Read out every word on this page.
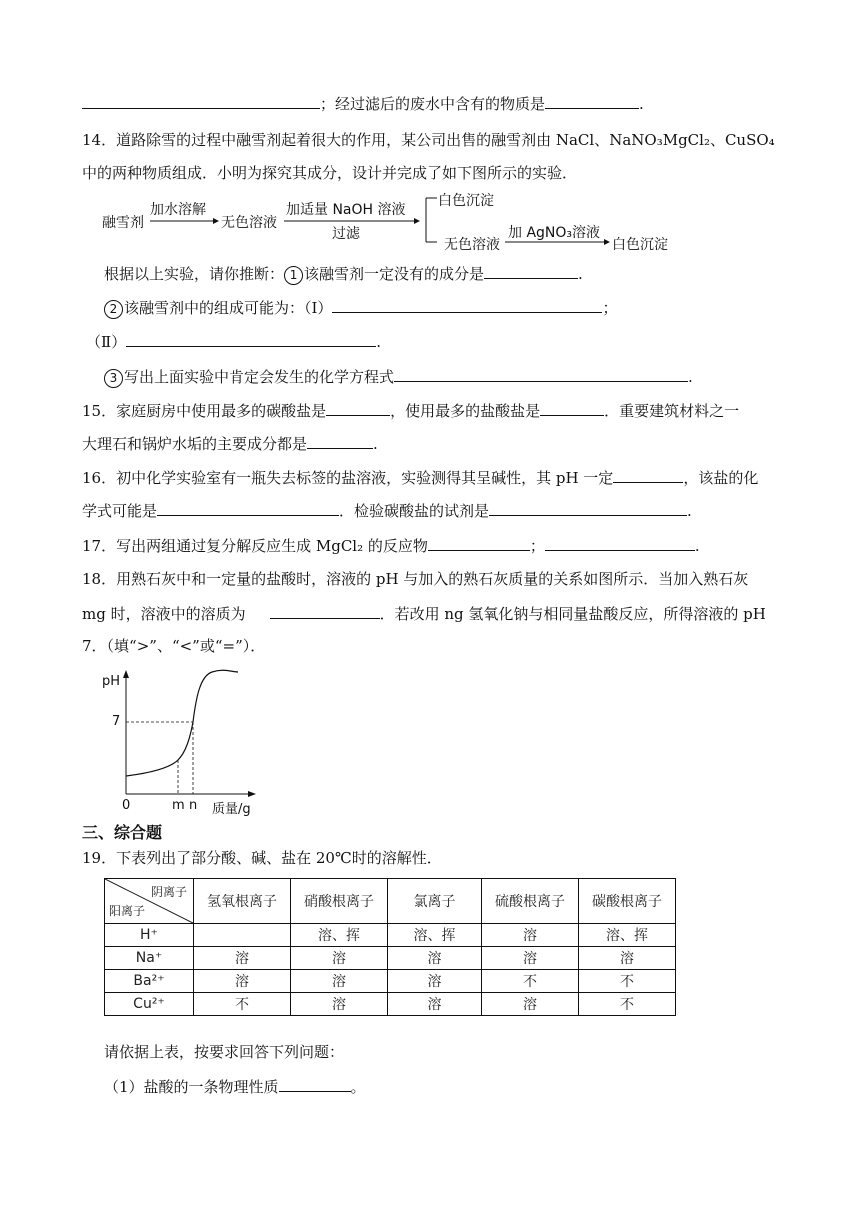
；经过滤后的废水中含有的物质是	.
14．道路除雪的过程中融雪剂起着很大的作用，某公司出售的融雪剂由 NaCl、NaNO₃MgCl₂、CuSO₄
中的两种物质组成．小明为探究其成分，设计并完成了如下图所示的实验．
融雪剂
加水溶解
无色溶液
加适量 NaOH 溶液
过滤
白色沉淀
无色溶液
加 AgNO₃溶液
白色沉淀
根据以上实验，请你推断： 1 该融雪剂一定没有的成分是	.
2 该融雪剂中的组成可能为：（Ⅰ）	；
（Ⅱ）	.
3 写出上面实验中肯定会发生的化学方程式	.
15．家庭厨房中使用最多的碳酸盐是	，使用最多的盐酸盐是	．重要建筑材料之一
大理石和锅炉水垢的主要成分都是	.
16．初中化学实验室有一瓶失去标签的盐溶液，实验测得其呈碱性，其 pH 一定	，该盐的化
学式可能是	．检验碳酸盐的试剂是	.
17．写出两组通过复分解反应生成 MgCl₂ 的反应物	；	.
18．用熟石灰中和一定量的盐酸时，溶液的 pH 与加入的熟石灰质量的关系如图所示．当加入熟石灰
mg 时，溶液中的溶质为	．若改用 ng 氢氧化钠与相同量盐酸反应，所得溶液的 pH
7．（填“>”、“<”或“=”）．
pH
7
0	m n 质量/g
三、综合题
19．下表列出了部分酸、碱、盐在 20℃时的溶解性．
阴离子
阳离子	氢氧根离子	硝酸根离子	氯离子	硫酸根离子	碳酸根离子
H⁺		溶、挥	溶、挥	溶	溶、挥
Na⁺	溶	溶	溶	溶	溶
Ba²⁺	溶	溶	溶	不	不
Cu²⁺	不	溶	溶	溶	不
请依据上表，按要求回答下列问题：
（1）盐酸的一条物理性质	。
